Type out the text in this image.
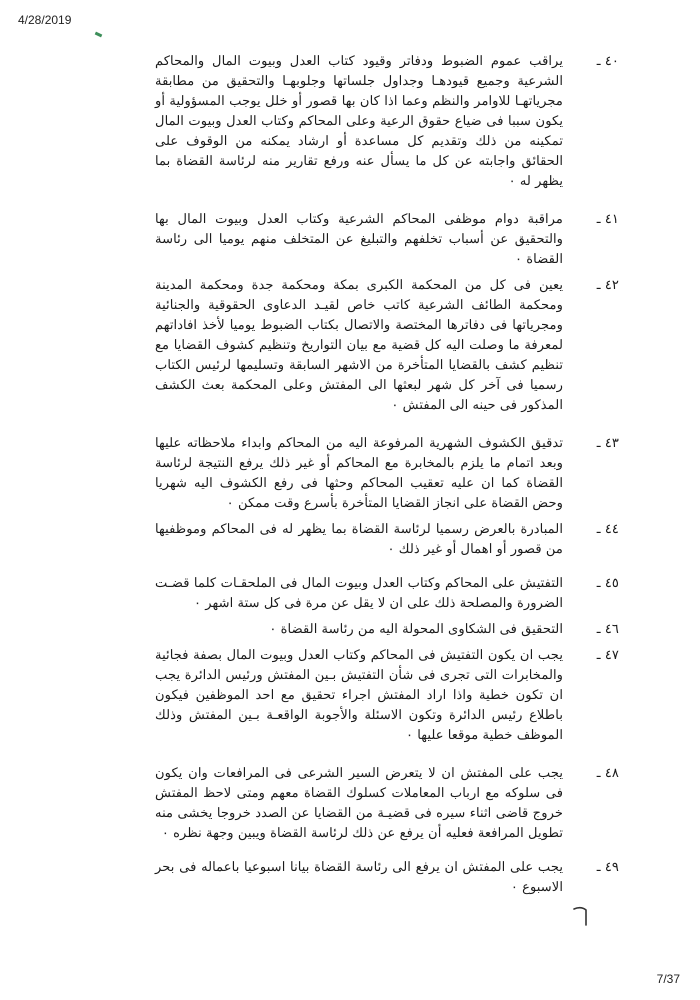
4/28/2019
٤٠ ـ
يراقب عموم الضبوط ودفاتر وقيود كتاب العدل وبيوت المال والمحاكم الشرعية وجميع قيودهـا وجداول جلساتها وجلوبهـا والتحقيق من مطابقة مجرياتهـا للاوامر والنظم وعما اذا كان بها قصور أو خلل يوجب المسؤولية أو يكون سببا فى ضياع حقوق الرعية وعلى المحاكم وكتاب العدل وبيوت المال تمكينه من ذلك وتقديم كل مساعدة أو ارشاد يمكنه من الوقوف على الحقائق واجابته عن كل ما يسأل عنه ورفع تقارير منه لرئاسة القضاة بما يظهر له ٠
٤١ ـ
مراقبة دوام موظفى المحاكم الشرعية وكتاب العدل وبيوت المال بها والتحقيق عن أسباب تخلفهم والتبليغ عن المتخلف منهم يوميا الى رئاسة القضاة ٠
٤٢ ـ
يعين فى كل من المحكمة الكبرى بمكة ومحكمة جدة ومحكمة المدينة ومحكمة الطائف الشرعية كاتب خاص لقيـد الدعاوى الحقوقية والجنائية ومجرياتها فى دفاترها المختصة والاتصال بكتاب الضبوط يوميا لأخذ افاداتهم لمعرفة ما وصلت اليه كل قضية مع بيان التواريخ وتنظيم كشوف القضايا مع تنظيم كشف بالقضايا المتأخرة من الاشهر السابقة وتسليمها لرئيس الكتاب رسميا فى آخر كل شهر لبعثها الى المفتش وعلى المحكمة بعث الكشف المذكور فى حينه الى المفتش ٠
٤٣ ـ
تدقيق الكشوف الشهرية المرفوعة اليه من المحاكم وابداء ملاحظاته عليها وبعد اتمام ما يلزم بالمخابرة مع المحاكم أو غير ذلك يرفع النتيجة لرئاسة القضاة كما ان عليه تعقيب المحاكم وحثها فى رفع الكشوف اليه شهريا وحض القضاة على انجاز القضايا المتأخرة بأسرع وقت ممكن ٠
٤٤ ـ
المبادرة بالعرض رسميا لرئاسة القضاة بما يظهر له فى المحاكم وموظفيها من قصور أو اهمال أو غير ذلك ٠
٤٥ ـ
التفتيش على المحاكم وكتاب العدل وبيوت المال فى الملحقـات كلما قضـت الضرورة والمصلحة ذلك على ان لا يقل عن مرة فى كل ستة اشهر ٠
٤٦ ـ
التحقيق فى الشكاوى المحولة اليه من رئاسة القضاة ٠
٤٧ ـ
يجب ان يكون التفتيش فى المحاكم وكتاب العدل وبيوت المال بصفة فجائية والمخابرات التى تجرى فى شأن التفتيش بـين المفتش ورئيس الدائرة يجب ان تكون خطية واذا اراد المفتش اجراء تحقيق مع احد الموظفين فيكون باطلاع رئيس الدائرة وتكون الاسئلة والأجوبة الواقعـة بـين المفتش وذلك الموظف خطية موقعا عليها ٠
٤٨ ـ
يجب على المفتش ان لا يتعرض السير الشرعى فى المرافعات وان يكون فى سلوكه مع ارباب المعاملات كسلوك القضاة معهم ومتى لاحظ المفتش خروج قاضى اثناء سيره فى قضيـة من القضايا عن الصدد خروجا يخشى منه تطويل المرافعة فعليه أن يرفع عن ذلك لرئاسة القضاة ويبين وجهة نظره ٠
٤٩ ـ
يجب على المفتش ان يرفع الى رئاسة القضاة بيانا اسبوعيا باعماله فى بحر الاسبوع ٠
7/37
